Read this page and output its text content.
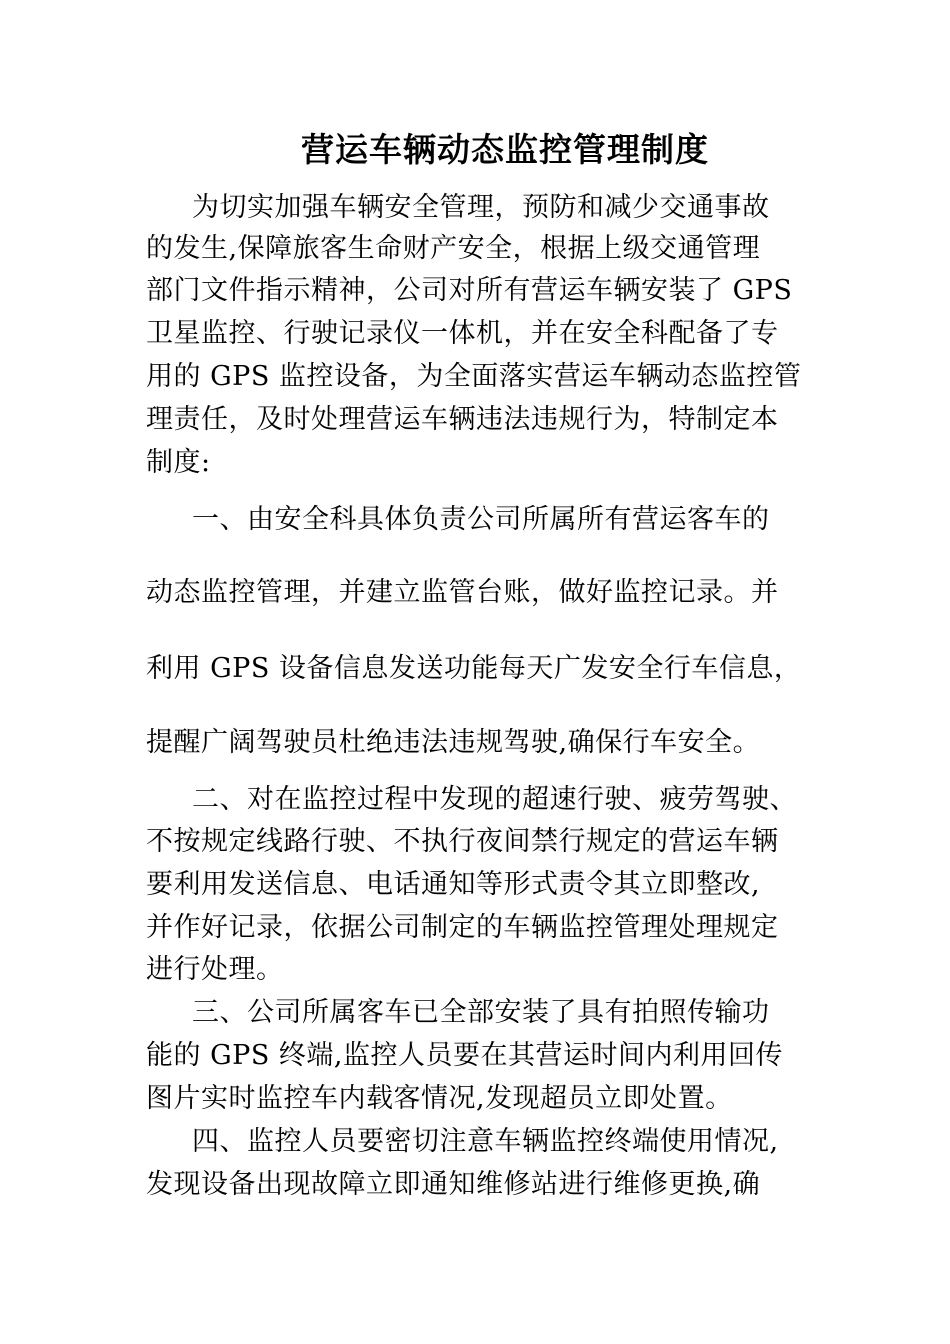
营运车辆动态监控管理制度

为切实加强车辆安全管理，预防和减少交通事故

的发生,保障旅客生命财产安全，根据上级交通管理

部门文件指示精神，公司对所有营运车辆安装了 GPS

卫星监控、行驶记录仪一体机，并在安全科配备了专

用的 GPS 监控设备，为全面落实营运车辆动态监控管

理责任，及时处理营运车辆违法违规行为，特制定本

制度:

一、由安全科具体负责公司所属所有营运客车的

动态监控管理，并建立监管台账，做好监控记录。并

利用 GPS 设备信息发送功能每天广发安全行车信息，

提醒广阔驾驶员杜绝违法违规驾驶,确保行车安全。

二、对在监控过程中发现的超速行驶、疲劳驾驶、

不按规定线路行驶、不执行夜间禁行规定的营运车辆

要利用发送信息、电话通知等形式责令其立即整改,

并作好记录，依据公司制定的车辆监控管理处理规定

进行处理。

三、公司所属客车已全部安装了具有拍照传输功

能的 GPS 终端,监控人员要在其营运时间内利用回传

图片实时监控车内载客情况,发现超员立即处置。

四、监控人员要密切注意车辆监控终端使用情况,

发现设备出现故障立即通知维修站进行维修更换,确
